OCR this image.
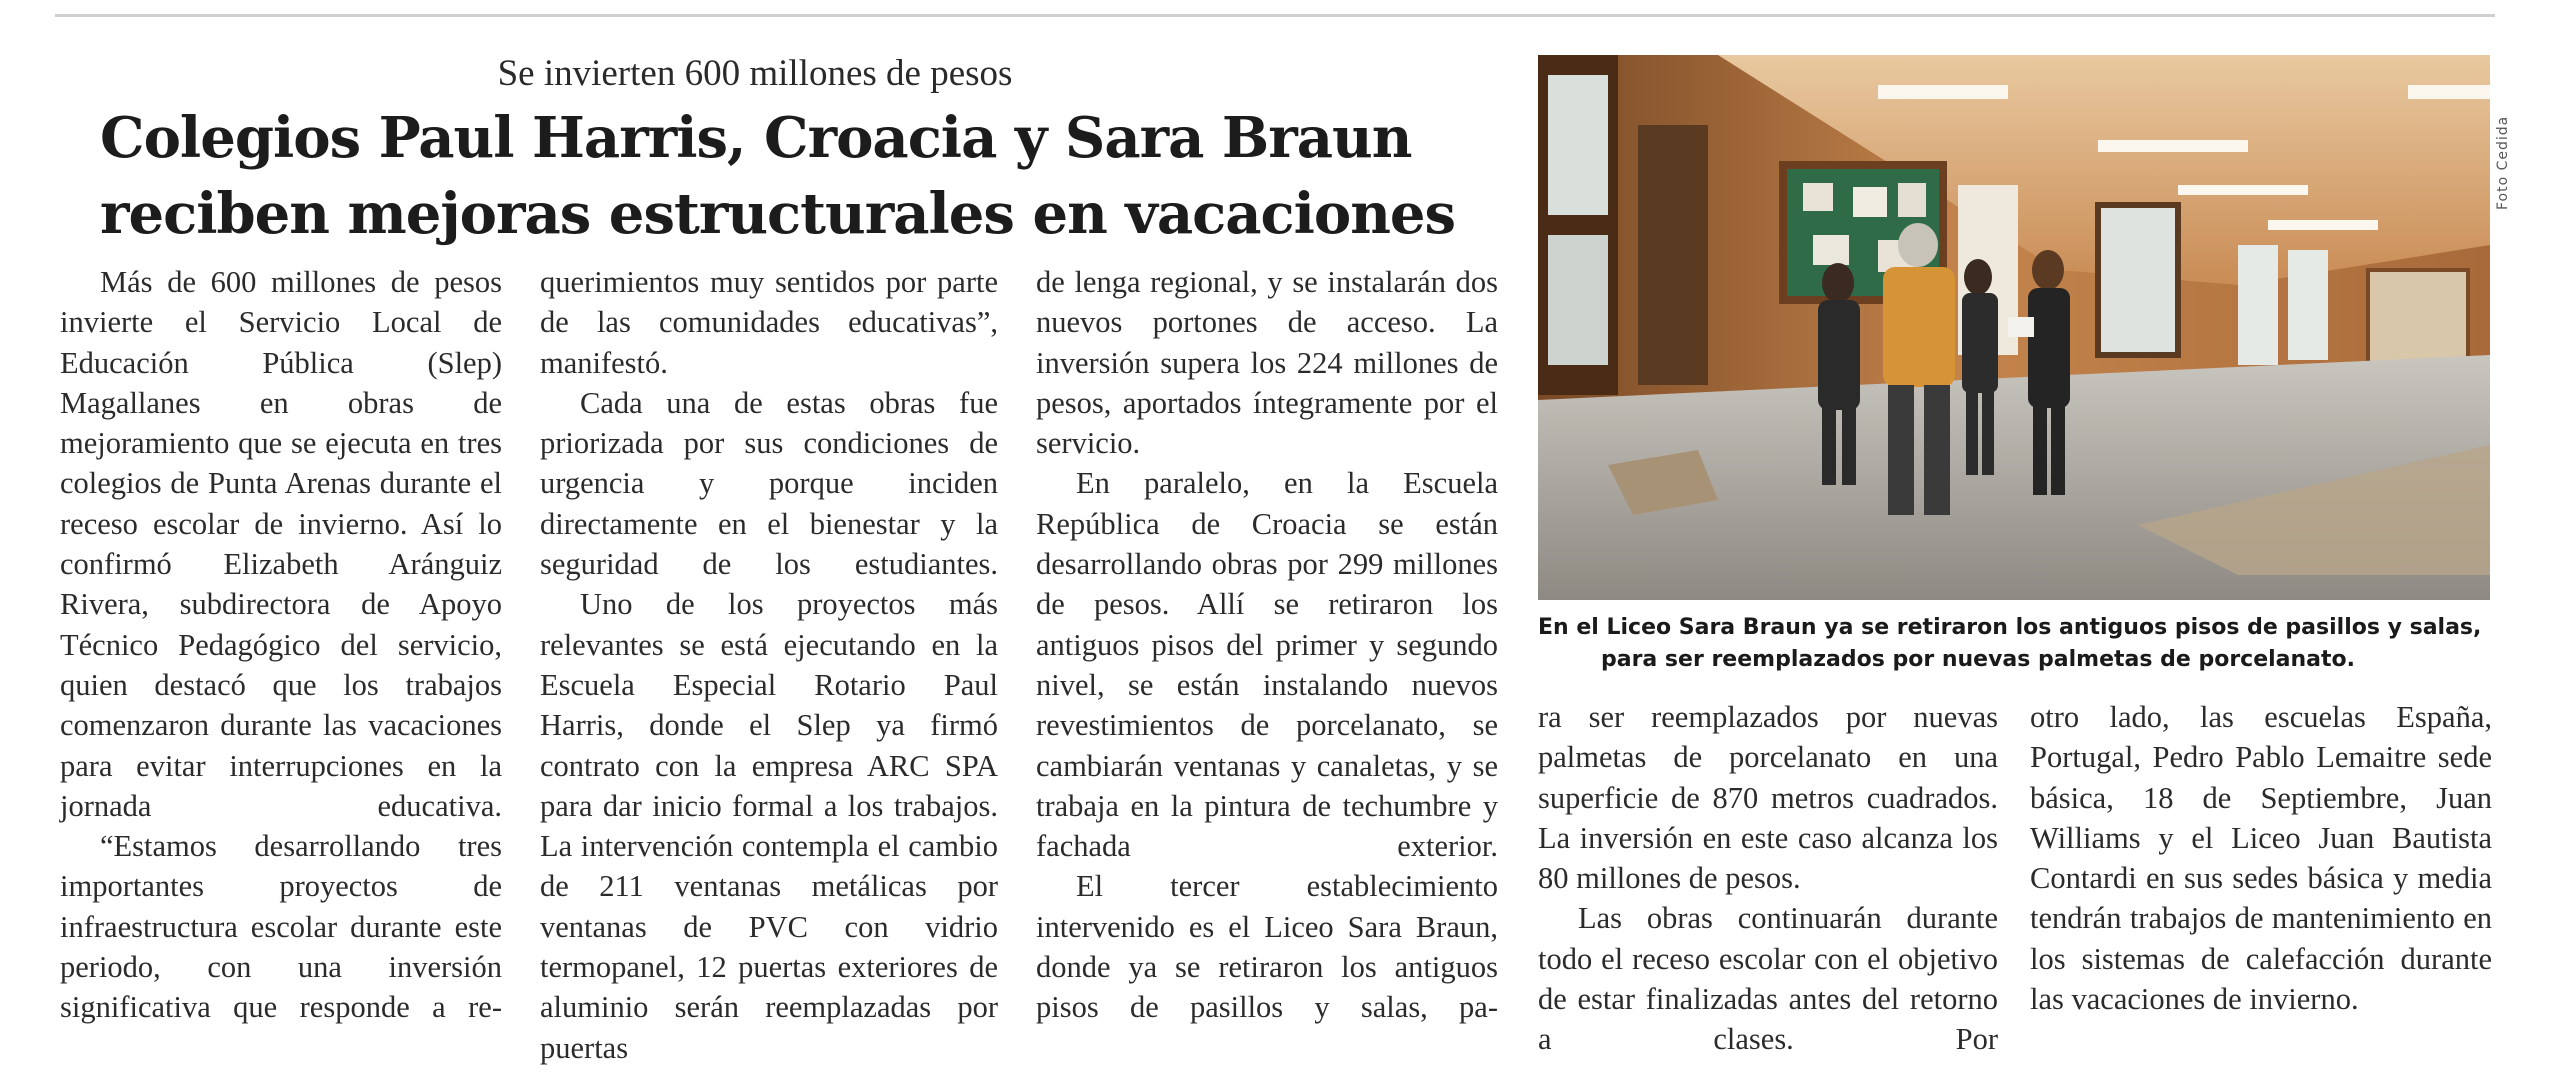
Se invierten 600 millones de pesos
Colegios Paul Harris, Croacia y Sara Braun
reciben mejoras estructurales en vacaciones

Más de 600 millones de pesos invierte el Servicio Local de Educación Pública (Slep) Magallanes en obras de mejoramiento que se ejecuta en tres colegios de Punta Arenas durante el receso escolar de invierno. Así lo confirmó Elizabeth Aránguiz Rivera, subdirectora de Apoyo Técnico Pedagógico del servicio, quien destacó que los trabajos comenzaron durante las vacaciones para evitar interrupciones en la jornada educativa.

“Estamos desarrollando tres importantes proyectos de infraestructura escolar durante este periodo, con una inversión significativa que responde a re-

querimientos muy sentidos por parte de las comunidades educativas”, manifestó.

Cada una de estas obras fue priorizada por sus condiciones de urgencia y porque inciden directamente en el bienestar y la seguridad de los estudiantes.

Uno de los proyectos más relevantes se está ejecutando en la Escuela Especial Rotario Paul Harris, donde el Slep ya firmó contrato con la empresa ARC SPA para dar inicio formal a los trabajos. La intervención contempla el cambio de 211 ventanas metálicas por ventanas de PVC con vidrio termopanel, 12 puertas exteriores de aluminio serán reemplazadas por puertas

de lenga regional, y se instalarán dos nuevos portones de acceso. La inversión supera los 224 millones de pesos, aportados íntegramente por el servicio.

En paralelo, en la Escuela República de Croacia se están desarrollando obras por 299 millones de pesos. Allí se retiraron los antiguos pisos del primer y segundo nivel, se están instalando nuevos revestimientos de porcelanato, se cambiarán ventanas y canaletas, y se trabaja en la pintura de techumbre y fachada exterior.

El tercer establecimiento intervenido es el Liceo Sara Braun, donde ya se retiraron los antiguos pisos de pasillos y salas, pa-

Foto Cedida
En el Liceo Sara Braun ya se retiraron los antiguos pisos de pasillos y salas,
para ser reemplazados por nuevas palmetas de porcelanato.

ra ser reemplazados por nuevas palmetas de porcelanato en una superficie de 870 metros cuadrados. La inversión en este caso alcanza los 80 millones de pesos.

Las obras continuarán durante todo el receso escolar con el objetivo de estar finalizadas antes del retorno a clases. Por

otro lado, las escuelas España, Portugal, Pedro Pablo Lemaitre sede básica, 18 de Septiembre, Juan Williams y el Liceo Juan Bautista Contardi en sus sedes básica y media tendrán trabajos de mantenimiento en los sistemas de calefacción durante las vacaciones de invierno.
